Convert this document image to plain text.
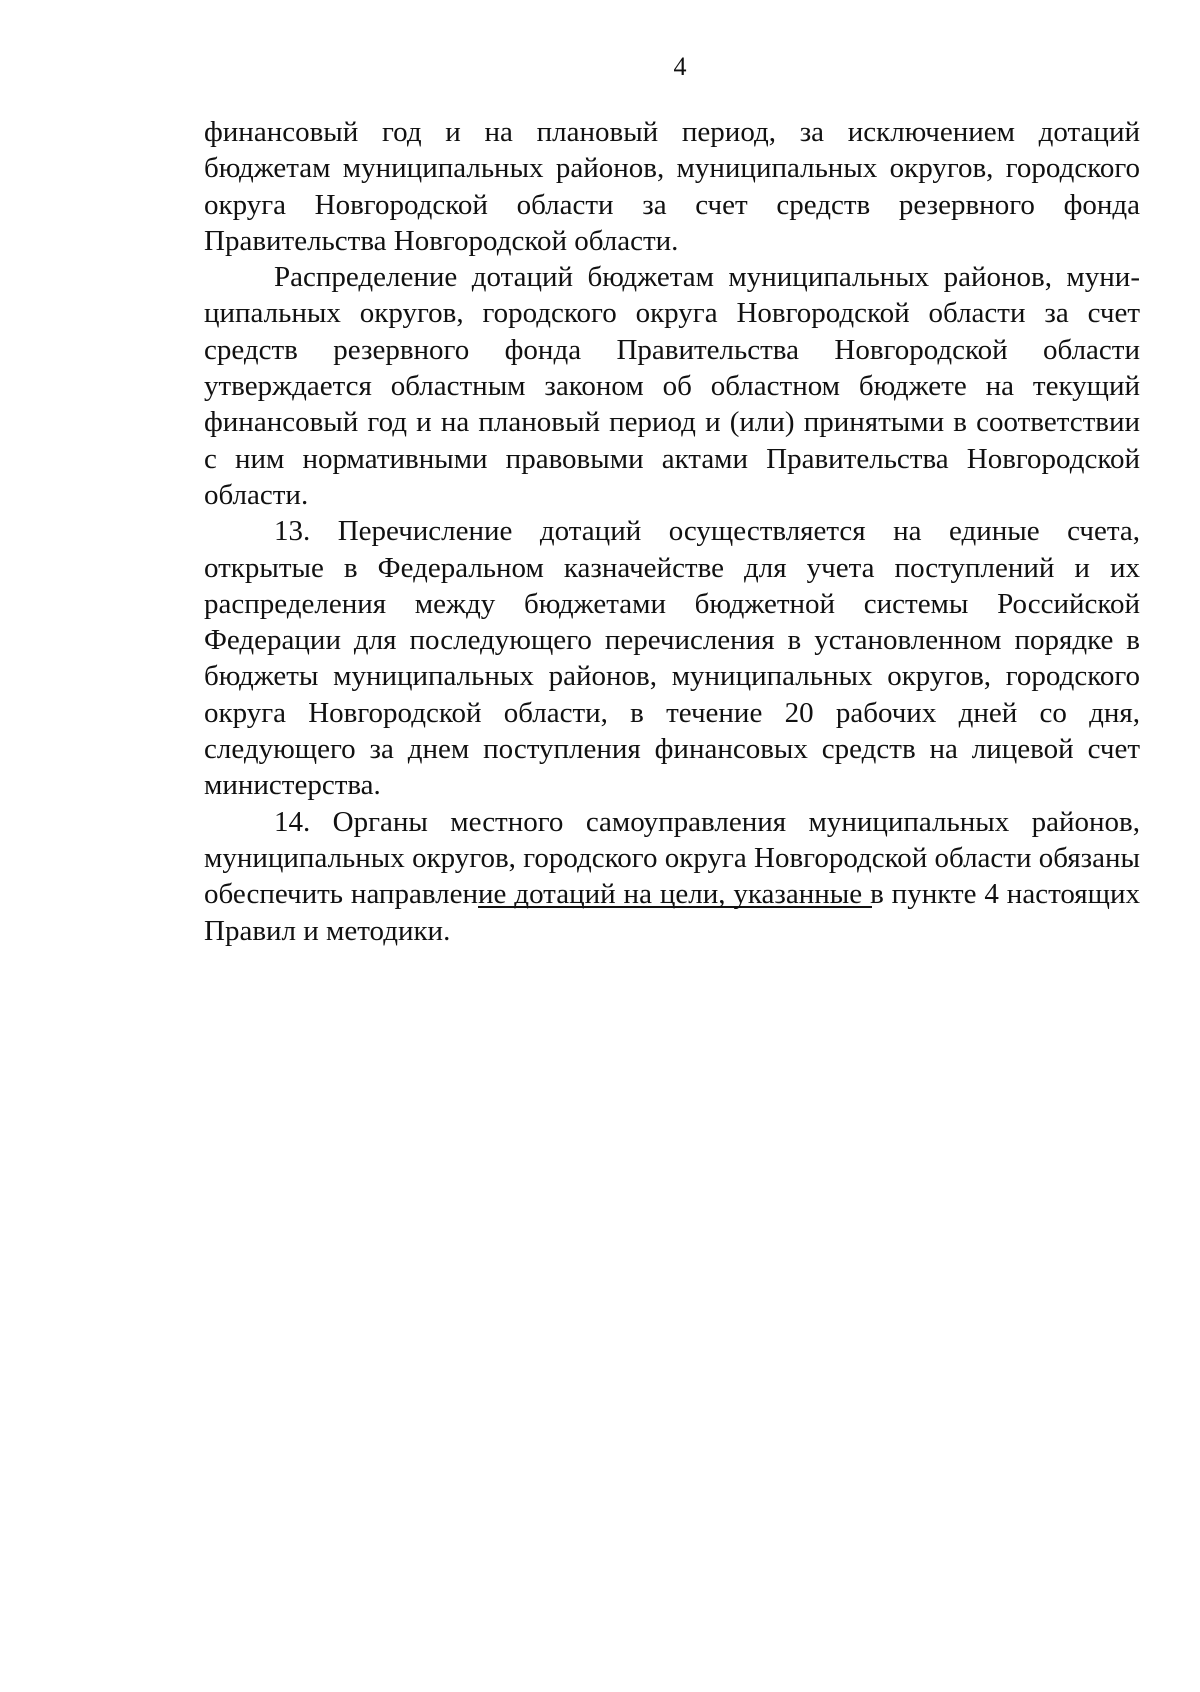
4

финансовый год и на плановый период, за исключением дотаций бюджетам муниципальных районов, муниципальных округов, городского округа Новгородской области за счет средств резервного фонда Правительства Новгородской области.

Распределение дотаций бюджетам муниципальных районов, муниципальных округов, городского округа Новгородской области за счет средств резервного фонда Правительства Новгородской области утверждается областным законом об областном бюджете на текущий финансовый год и на плановый период и (или) принятыми в соответствии с ним нормативными правовыми актами Правительства Новгородской области.

13. Перечисление дотаций осуществляется на единые счета, открытые в Федеральном казначействе для учета поступлений и их распределения между бюджетами бюджетной системы Российской Федерации для последующего перечисления в установленном порядке в бюджеты муниципальных районов, муниципальных округов, городского округа Новгородской области, в течение 20 рабочих дней со дня, следующего за днем поступления финансовых средств на лицевой счет министерства.

14. Органы местного самоуправления муниципальных районов, муниципальных округов, городского округа Новгородской области обязаны обеспечить направление дотаций на цели, указанные в пункте 4 настоящих Правил и методики.
